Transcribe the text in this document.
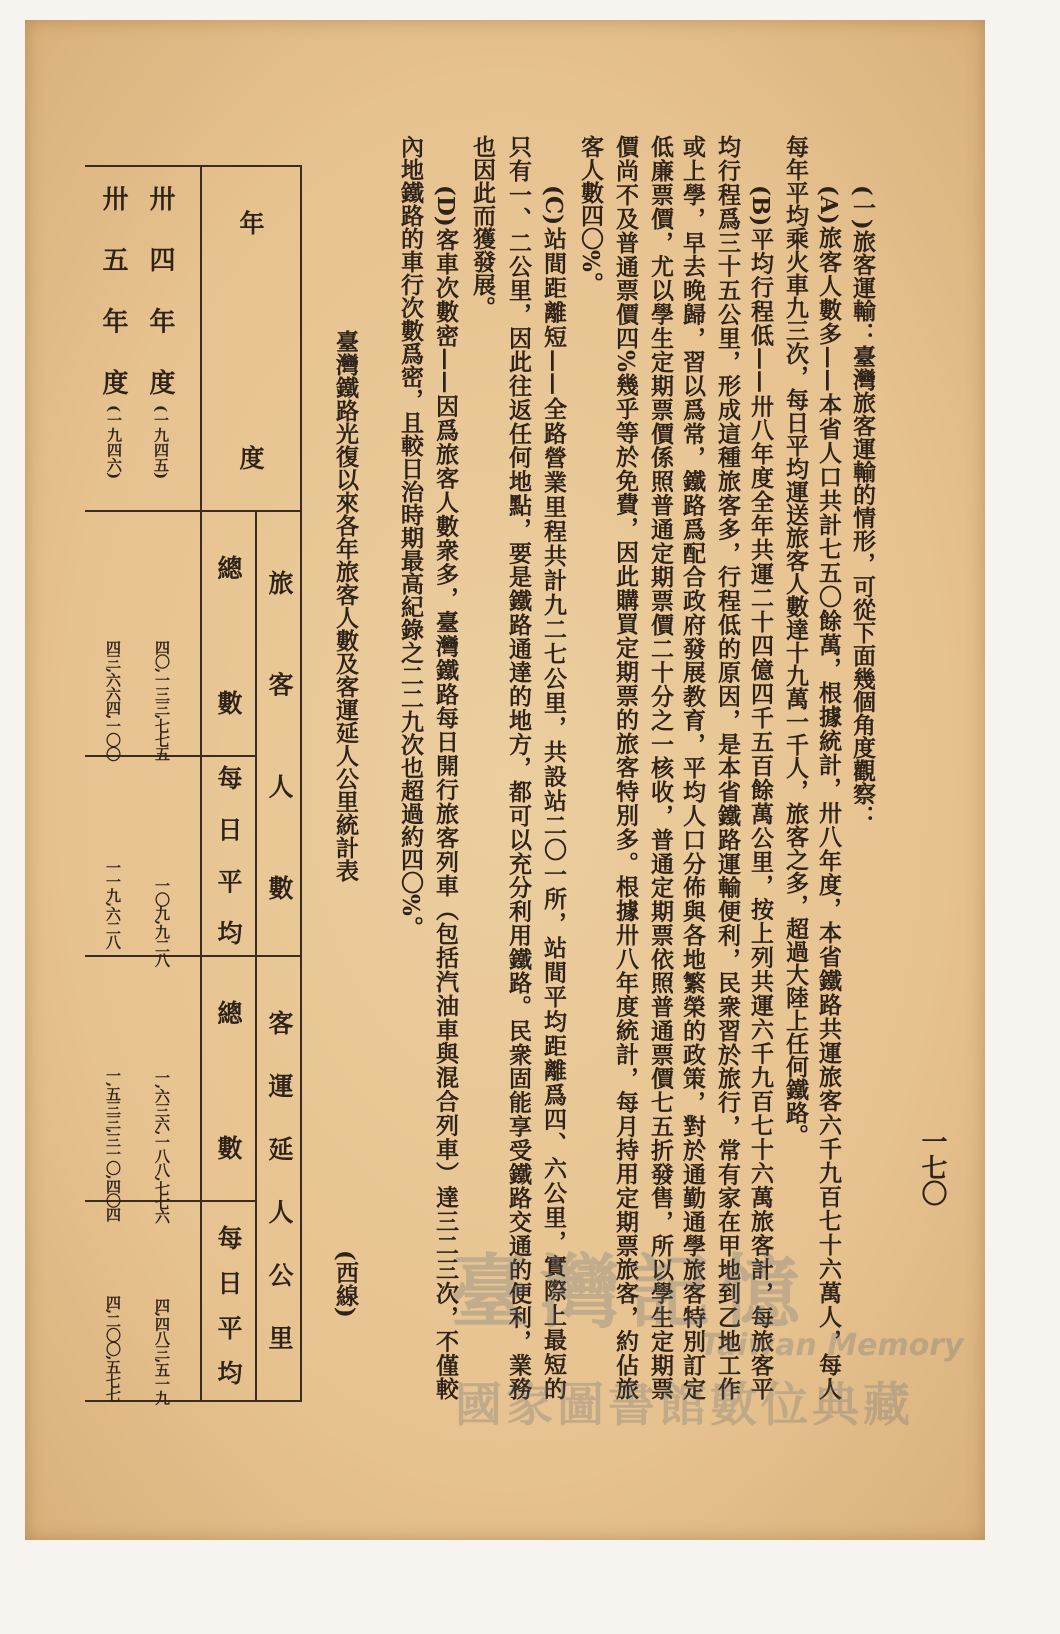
一七〇
(一)旅客運輸：臺灣旅客運輸的情形，可從下面幾個角度觀察：
(A)旅客人數多——本省人口共計七五〇餘萬，根據統計，卅八年度，本省鐵路共運旅客六千九百七十六萬人，每人
每年平均乘火車九三次，每日平均運送旅客人數達十九萬一千人，旅客之多，超過大陸上任何鐵路。
(B)平均行程低——卅八年度全年共運二十四億四千五百餘萬公里，按上列共運六千九百七十六萬旅客計，每旅客平
均行程爲三十五公里，形成這種旅客多，行程低的原因，是本省鐵路運輸便利，民衆習於旅行，常有家在甲地到乙地工作
或上學，早去晚歸，習以爲常，鐵路爲配合政府發展教育，平均人口分佈與各地繁榮的政策，對於通勤通學旅客特別訂定
低廉票價，尤以學生定期票價係照普通定期票價二十分之一核收，普通定期票依照普通票價七五折發售，所以學生定期票
價尚不及普通票價四%幾乎等於免費，因此購買定期票的旅客特別多。根據卅八年度統計，每月持用定期票旅客，約佔旅
客人數四〇%。
(C)站間距離短——全路營業里程共計九二七公里，共設站二〇一所，站間平均距離爲四、六公里，實際上最短的
只有一、二公里，因此往返任何地點，要是鐵路通達的地方，都可以充分利用鐵路。民衆固能享受鐵路交通的便利，業務
也因此而獲發展。
(D)客車次數密——因爲旅客人數衆多，臺灣鐵路每日開行旅客列車（包括汽油車與混合列車）達三二三次，不僅較
內地鐵路的車行次數爲密，且較日治時期最高紀錄之二二九次也超過約四〇%。
臺灣鐵路光復以來各年旅客人數及客運延人公里統計表
(西線)
年度
旅客人數
客運延人公里
總數
每日平均
總數
每日平均
卅四年度
(一九四五)
四〇,一三三,七七五
一〇九,九二八
一,六三六,一八八,七七六
四,四八三,五一九
卅五年度
(一九四六)
四三,六六四,一〇〇
一一九,六二八
一,五三三,三一〇,四〇四
四,二〇〇,五七七
臺灣記憶
Taiwan Memory
國家圖書館數位典藏
